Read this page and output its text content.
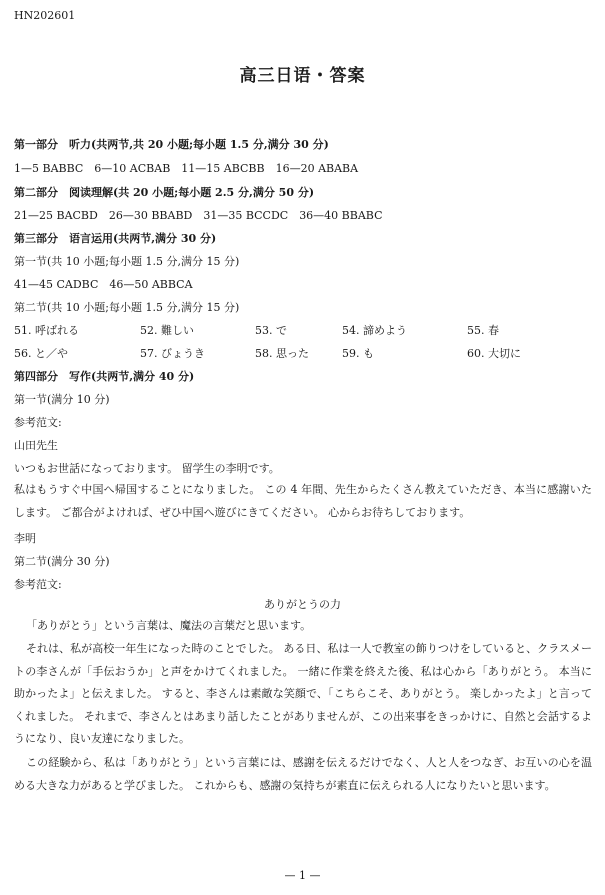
HN202601
高三日语・答案
第一部分　听力(共两节,共 20 小题;每小题 1.5 分,满分 30 分)
1—5 BABBC　6—10 ACBAB　11—15 ABCBB　16—20 ABABA
第二部分　阅读理解(共 20 小题;每小题 2.5 分,满分 50 分)
21—25 BACBD　26—30 BBABD　31—35 BCCDC　36—40 BBABC
第三部分　语言运用(共两节,满分 30 分)
第一节(共 10 小题;每小题 1.5 分,满分 15 分)
41—45 CADBC　46—50 ABBCA
第二节(共 10 小题;每小题 1.5 分,满分 15 分)
51. 呼ばれる	52. 難しい	53. で	54. 諦めよう	55. 春
56. と／や	57. びょうき	58. 思った	59. も	60. 大切に
第四部分　写作(共两节,满分 40 分)
第一节(满分 10 分)
参考范文:
山田先生
いつもお世話になっております。 留学生の李明です。
私はもうすぐ中国へ帰国することになりました。 この 4 年間、先生からたくさん教えていただき、本当に感謝いたします。 ご都合がよければ、ぜひ中国へ遊びにきてください。 心からお待ちしております。
李明
第二节(满分 30 分)
参考范文:
ありがとうの力
「ありがとう」という言葉は、魔法の言葉だと思います。
それは、私が高校一年生になった時のことでした。 ある日、私は一人で教室の飾りつけをしていると、クラスメートの李さんが「手伝おうか」と声をかけてくれました。 一緒に作業を終えた後、私は心から「ありがとう。 本当に助かったよ」と伝えました。 すると、李さんは素敵な笑顔で、「こちらこそ、ありがとう。 楽しかったよ」と言ってくれました。 それまで、李さんとはあまり話したことがありませんが、この出来事をきっかけに、自然と会話するようになり、良い友達になりました。
この経験から、私は「ありがとう」という言葉には、感謝を伝えるだけでなく、人と人をつなぎ、お互いの心を温める大きな力があると学びました。 これからも、感謝の気持ちが素直に伝えられる人になりたいと思います。
— 1 —
